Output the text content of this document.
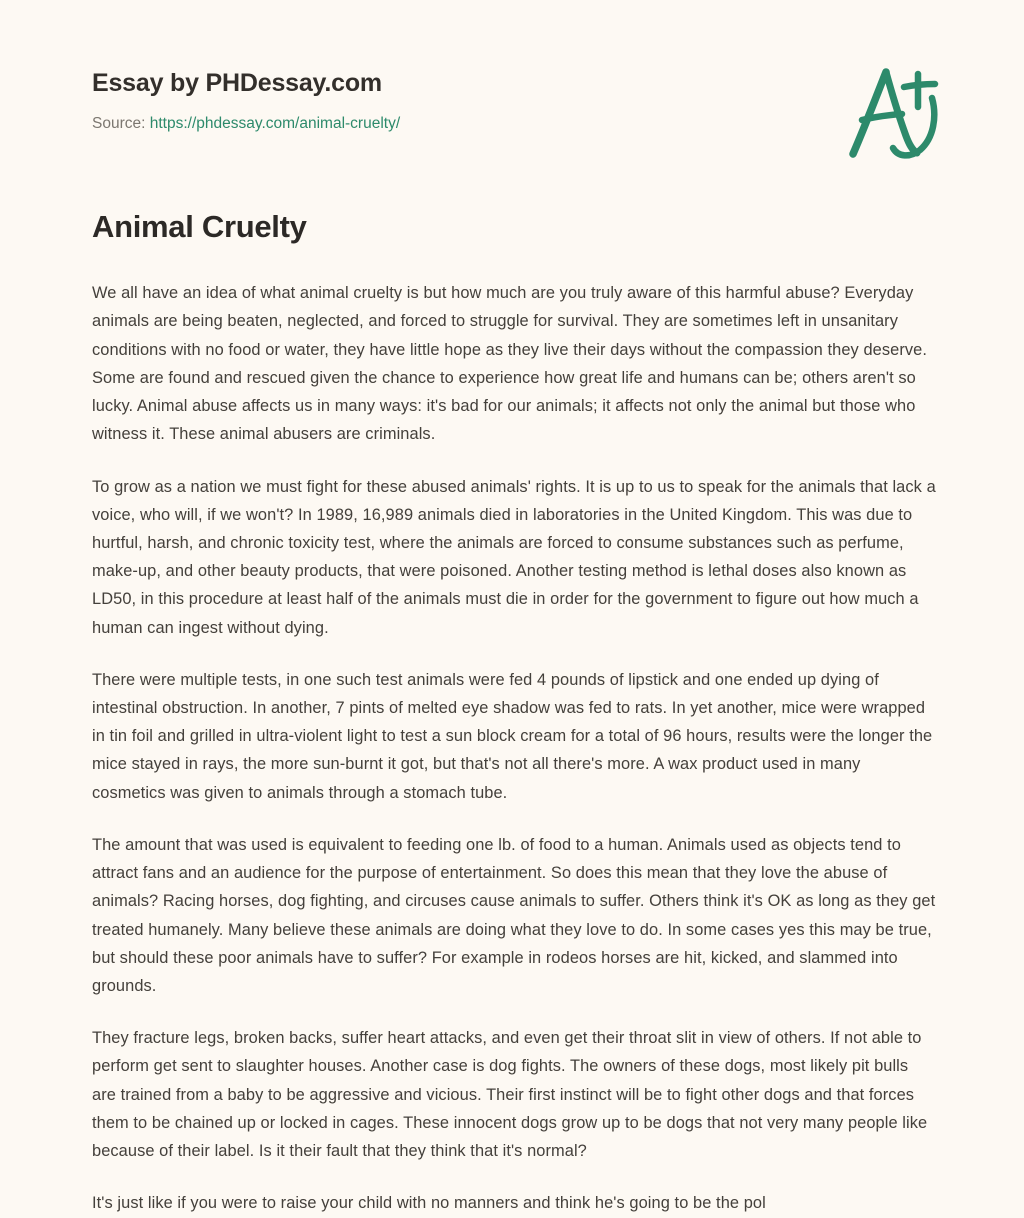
Essay by PHDessay.com
Source: https://phdessay.com/animal-cruelty/
Animal Cruelty

We all have an idea of what animal cruelty is but how much are you truly aware of this harmful abuse? Everyday animals are being beaten, neglected, and forced to struggle for survival. They are sometimes left in unsanitary conditions with no food or water, they have little hope as they live their days without the compassion they deserve. Some are found and rescued given the chance to experience how great life and humans can be; others aren't so lucky. Animal abuse affects us in many ways: it's bad for our animals; it affects not only the animal but those who witness it. These animal abusers are criminals.

To grow as a nation we must fight for these abused animals' rights. It is up to us to speak for the animals that lack a voice, who will, if we won't? In 1989, 16,989 animals died in laboratories in the United Kingdom. This was due to hurtful, harsh, and chronic toxicity test, where the animals are forced to consume substances such as perfume, make-up, and other beauty products, that were poisoned. Another testing method is lethal doses also known as LD50, in this procedure at least half of the animals must die in order for the government to figure out how much a human can ingest without dying.

There were multiple tests, in one such test animals were fed 4 pounds of lipstick and one ended up dying of intestinal obstruction. In another, 7 pints of melted eye shadow was fed to rats. In yet another, mice were wrapped in tin foil and grilled in ultra-violent light to test a sun block cream for a total of 96 hours, results were the longer the mice stayed in rays, the more sun-burnt it got, but that's not all there's more. A wax product used in many cosmetics was given to animals through a stomach tube.

The amount that was used is equivalent to feeding one lb. of food to a human. Animals used as objects tend to attract fans and an audience for the purpose of entertainment. So does this mean that they love the abuse of animals? Racing horses, dog fighting, and circuses cause animals to suffer. Others think it's OK as long as they get treated humanely. Many believe these animals are doing what they love to do. In some cases yes this may be true, but should these poor animals have to suffer? For example in rodeos horses are hit, kicked, and slammed into grounds.

They fracture legs, broken backs, suffer heart attacks, and even get their throat slit in view of others. If not able to perform get sent to slaughter houses. Another case is dog fights. The owners of these dogs, most likely pit bulls are trained from a baby to be aggressive and vicious. Their first instinct will be to fight other dogs and that forces them to be chained up or locked in cages. These innocent dogs grow up to be dogs that not very many people like because of their label. Is it their fault that they think that it's normal?

It's just like if you were to raise your child with no manners and think he's going to be the pol
